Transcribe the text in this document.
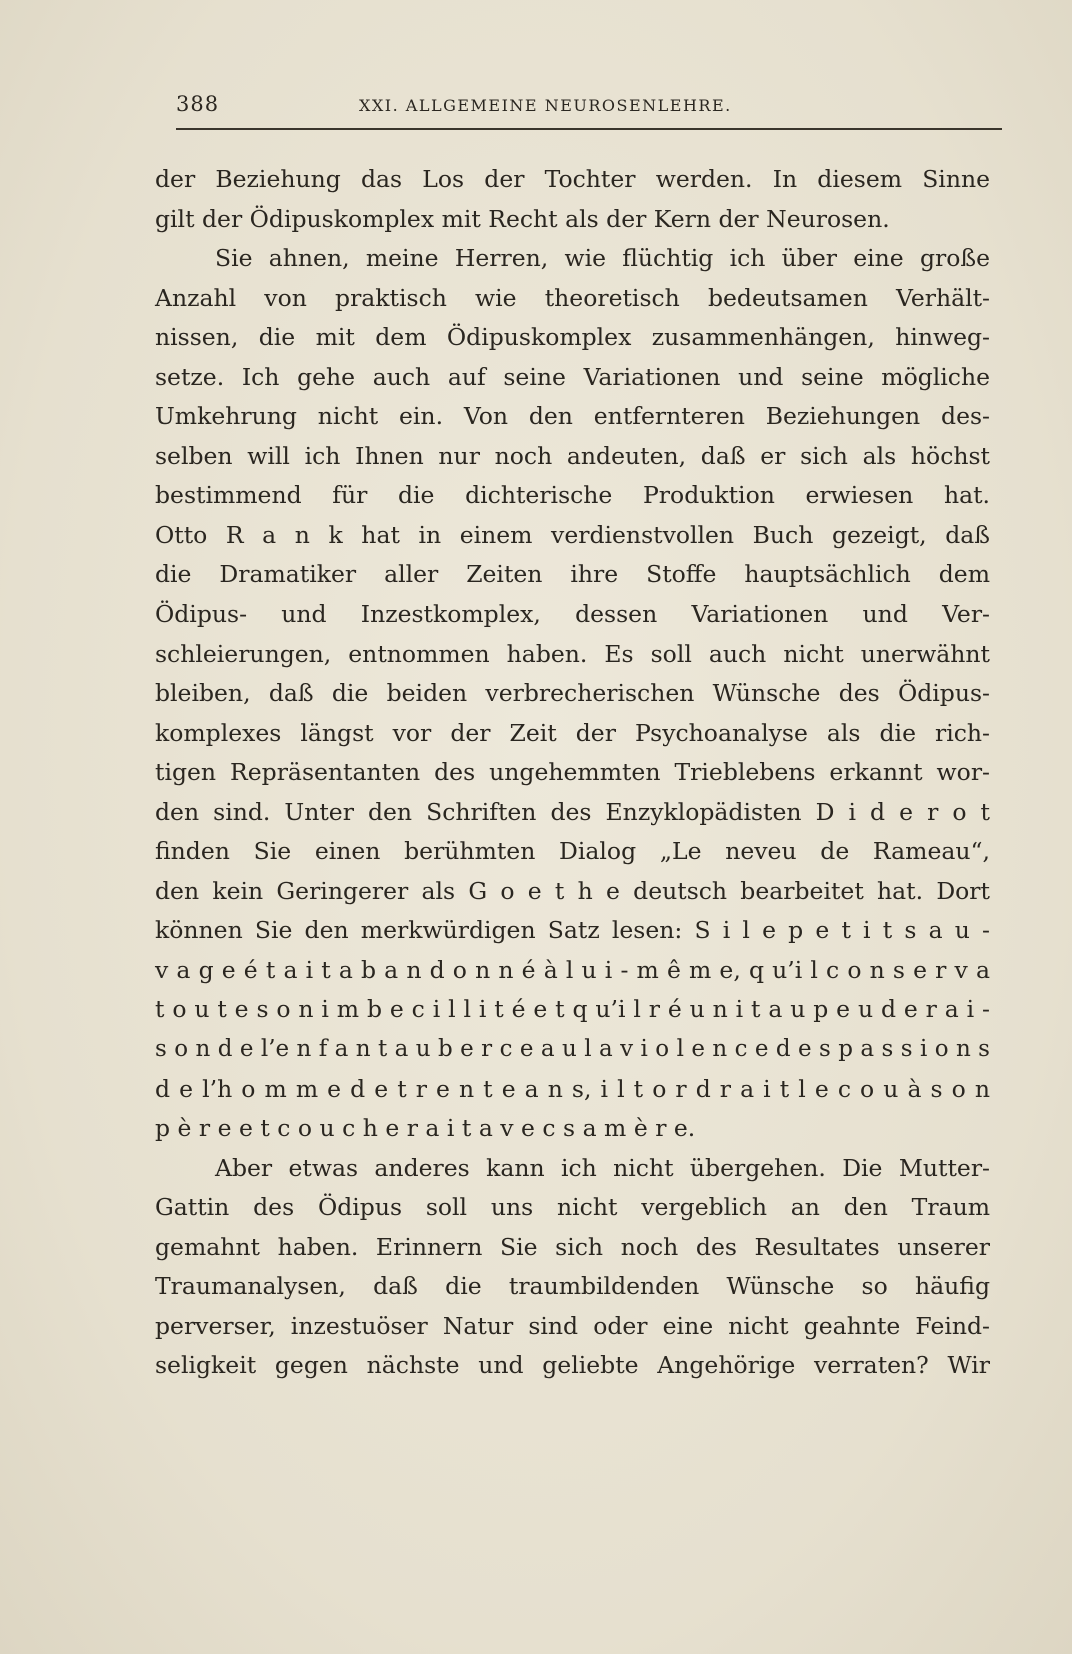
388	XXI. ALLGEMEINE NEUROSENLEHRE.
der Beziehung das Los der Tochter werden. In diesem Sinne
gilt der Ödipuskomplex mit Recht als der Kern der Neurosen.
Sie ahnen, meine Herren, wie flüchtig ich über eine große
Anzahl von praktisch wie theoretisch bedeutsamen Verhält-
nissen, die mit dem Ödipuskomplex zusammenhängen, hinweg-
setze. Ich gehe auch auf seine Variationen und seine mögliche
Umkehrung nicht ein. Von den entfernteren Beziehungen des-
selben will ich Ihnen nur noch andeuten, daß er sich als höchst
bestimmend für die dichterische Produktion erwiesen hat.
Otto R a n k hat in einem verdienstvollen Buch gezeigt, daß
die Dramatiker aller Zeiten ihre Stoffe hauptsächlich dem
Ödipus- und Inzestkomplex, dessen Variationen und Ver-
schleierungen, entnommen haben. Es soll auch nicht unerwähnt
bleiben, daß die beiden verbrecherischen Wünsche des Ödipus-
komplexes längst vor der Zeit der Psychoanalyse als die rich-
tigen Repräsentanten des ungehemmten Trieblebens erkannt wor-
den sind. Unter den Schriften des Enzyklopädisten D i d e r o t
finden Sie einen berühmten Dialog „Le neveu de Rameau“,
den kein Geringerer als G o e t h e deutsch bearbeitet hat. Dort
können Sie den merkwürdigen Satz lesen: S i l e p e t i t s a u -
v a g e é t a i t a b a n d o n n é à l u i - m ê m e, q u’i l c o n s e r v a
t o u t e s o n i m b e c i l l i t é e t q u’i l r é u n i t a u p e u d e r a i -
s o n d e l’e n f a n t a u b e r c e a u l a v i o l e n c e d e s p a s s i o n s
d e l’h o m m e d e t r e n t e a n s, i l t o r d r a i t l e c o u à s o n
p è r e e t c o u c h e r a i t a v e c s a m è r e.
Aber etwas anderes kann ich nicht übergehen. Die Mutter-
Gattin des Ödipus soll uns nicht vergeblich an den Traum
gemahnt haben. Erinnern Sie sich noch des Resultates unserer
Traumanalysen, daß die traumbildenden Wünsche so häufig
perverser, inzestuöser Natur sind oder eine nicht geahnte Feind-
seligkeit gegen nächste und geliebte Angehörige verraten? Wir
